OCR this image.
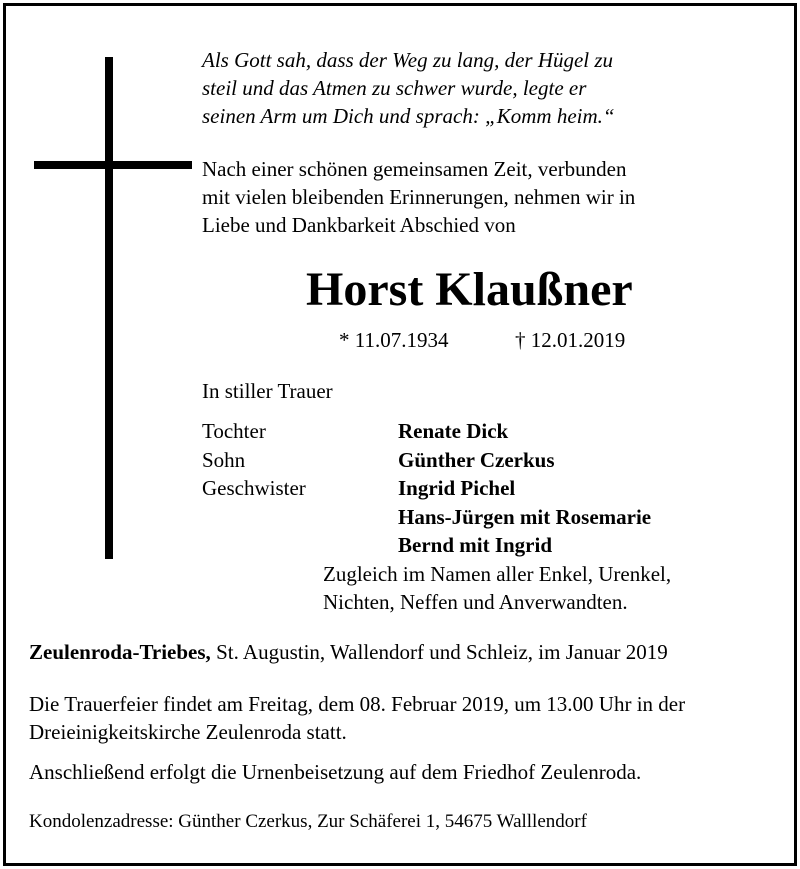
Als Gott sah, dass der Weg zu lang, der Hügel zu
steil und das Atmen zu schwer wurde, legte er
seinen Arm um Dich und sprach: „Komm heim.“
Nach einer schönen gemeinsamen Zeit, verbunden
mit vielen bleibenden Erinnerungen, nehmen wir in
Liebe und Dankbarkeit Abschied von
Horst Klaußner
* 11.07.1934	† 12.01.2019
In stiller Trauer
Tochter
Sohn
Geschwister
Renate Dick
Günther Czerkus
Ingrid Pichel
Hans-Jürgen mit Rosemarie
Bernd mit Ingrid
Zugleich im Namen aller Enkel, Urenkel,
Nichten, Neffen und Anverwandten.
Zeulenroda-Triebes, St. Augustin, Wallendorf und Schleiz, im Januar 2019
Die Trauerfeier findet am Freitag, dem 08. Februar 2019, um 13.00 Uhr in der
Dreieinigkeitskirche Zeulenroda statt.
Anschließend erfolgt die Urnenbeisetzung auf dem Friedhof Zeulenroda.
Kondolenzadresse: Günther Czerkus, Zur Schäferei 1, 54675 Walllendorf
